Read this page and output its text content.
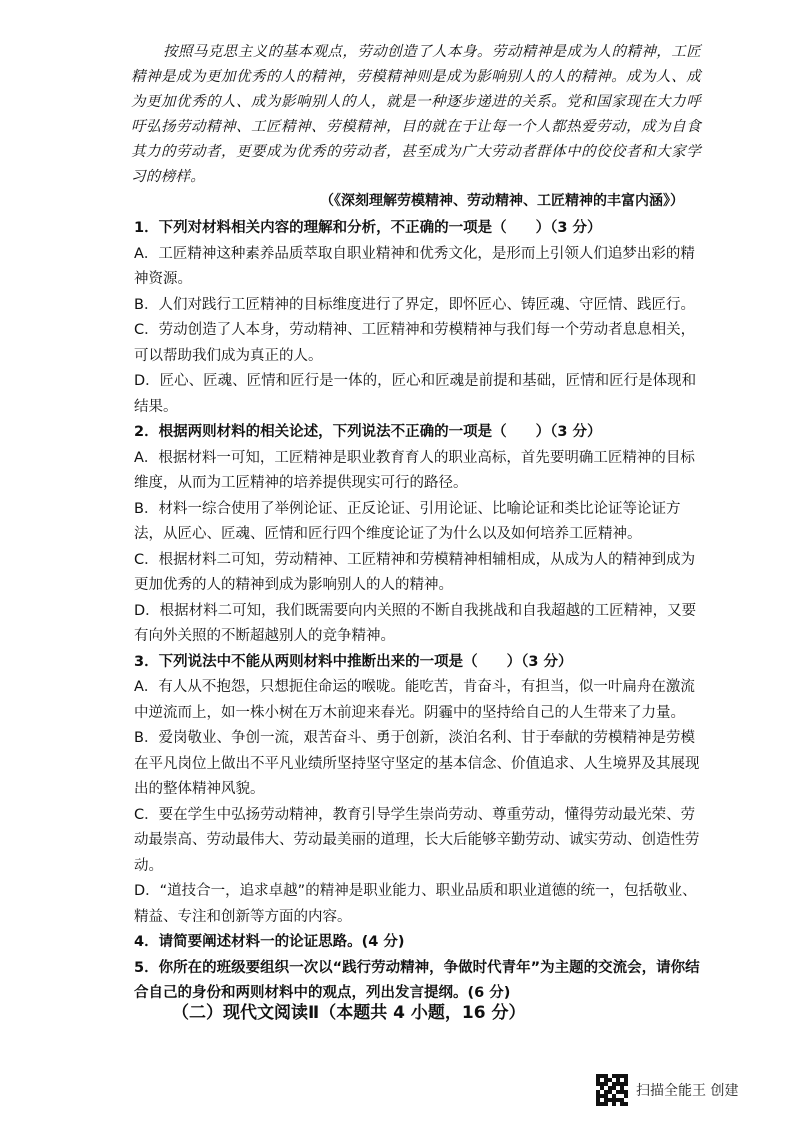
按照马克思主义的基本观点，劳动创造了人本身。劳动精神是成为人的精神，工匠精神是成为更加优秀的人的精神，劳模精神则是成为影响别人的人的精神。成为人、成为更加优秀的人、成为影响别人的人，就是一种逐步递进的关系。党和国家现在大力呼吁弘扬劳动精神、工匠精神、劳模精神，目的就在于让每一个人都热爱劳动，成为自食其力的劳动者，更要成为优秀的劳动者，甚至成为广大劳动者群体中的佼佼者和大家学习的榜样。

（《深刻理解劳模精神、劳动精神、工匠精神的丰富内涵》）

1．下列对材料相关内容的理解和分析，不正确的一项是（　　）（3 分）

A．工匠精神这种素养品质萃取自职业精神和优秀文化，是形而上引领人们追梦出彩的精神资源。

B．人们对践行工匠精神的目标维度进行了界定，即怀匠心、铸匠魂、守匠情、践匠行。

C．劳动创造了人本身，劳动精神、工匠精神和劳模精神与我们每一个劳动者息息相关，可以帮助我们成为真正的人。

D．匠心、匠魂、匠情和匠行是一体的，匠心和匠魂是前提和基础，匠情和匠行是体现和结果。

2．根据两则材料的相关论述，下列说法不正确的一项是（　　）（3 分）

A．根据材料一可知，工匠精神是职业教育育人的职业高标，首先要明确工匠精神的目标维度，从而为工匠精神的培养提供现实可行的路径。

B．材料一综合使用了举例论证、正反论证、引用论证、比喻论证和类比论证等论证方法，从匠心、匠魂、匠情和匠行四个维度论证了为什么以及如何培养工匠精神。

C．根据材料二可知，劳动精神、工匠精神和劳模精神相辅相成，从成为人的精神到成为更加优秀的人的精神到成为影响别人的人的精神。

D．根据材料二可知，我们既需要向内关照的不断自我挑战和自我超越的工匠精神，又要有向外关照的不断超越别人的竞争精神。

3．下列说法中不能从两则材料中推断出来的一项是（　　）（3 分）

A．有人从不抱怨，只想扼住命运的喉咙。能吃苦，肯奋斗，有担当，似一叶扁舟在激流中逆流而上，如一株小树在万木前迎来春光。阴霾中的坚持给自己的人生带来了力量。

B．爱岗敬业、争创一流，艰苦奋斗、勇于创新，淡泊名利、甘于奉献的劳模精神是劳模在平凡岗位上做出不平凡业绩所坚持坚守坚定的基本信念、价值追求、人生境界及其展现出的整体精神风貌。

C．要在学生中弘扬劳动精神，教育引导学生崇尚劳动、尊重劳动，懂得劳动最光荣、劳动最崇高、劳动最伟大、劳动最美丽的道理，长大后能够辛勤劳动、诚实劳动、创造性劳动。

D．“道技合一，追求卓越”的精神是职业能力、职业品质和职业道德的统一，包括敬业、精益、专注和创新等方面的内容。

4．请简要阐述材料一的论证思路。(4 分)

5．你所在的班级要组织一次以“践行劳动精神，争做时代青年”为主题的交流会，请你结合自己的身份和两则材料中的观点，列出发言提纲。(6 分)

（二）现代文阅读Ⅱ（本题共 4 小题，16 分）
扫描全能王 创建
